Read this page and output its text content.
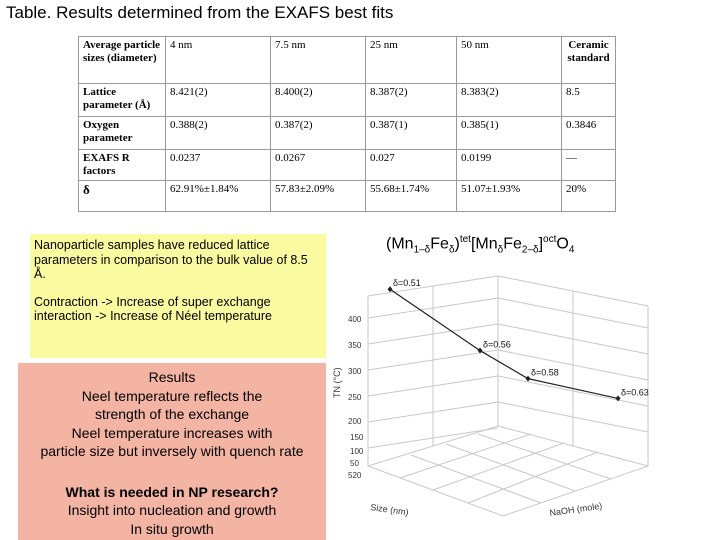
Table. Results determined from the EXAFS best fits
Average particle sizes (diameter)	4 nm	7.5 nm	25 nm	50 nm	Ceramic standard
Lattice parameter (Å)	8.421(2)	8.400(2)	8.387(2)	8.383(2)	8.5
Oxygen parameter	0.388(2)	0.387(2)	0.387(1)	0.385(1)	0.3846
EXAFS R factors	0.0237	0.0267	0.027	0.0199	—
δ	62.91%±1.84%	57.83±2.09%	55.68±1.74%	51.07±1.93%	20%

Nanoparticle samples have reduced lattice parameters in comparison to the bulk value of 8.5 Å.

Contraction -> Increase of super exchange interaction -> Increase of Néel temperature

Results
Neel temperature reflects the
strength of the exchange
Neel temperature increases with
particle size but inversely with quench rate
What is needed in NP research?
Insight into nucleation and growth
In situ growth
$(Mn_{1-\delta}Fe_\delta)^{tet}[Mn_\delta Fe_{2-\delta}]^{oct}O_4$
400
350
300
250
200
150
100
50
520
TN (°C)
Size (nm)	NaOH (mole)
δ=0.51
δ=0.56
δ=0.58
δ=0.63
